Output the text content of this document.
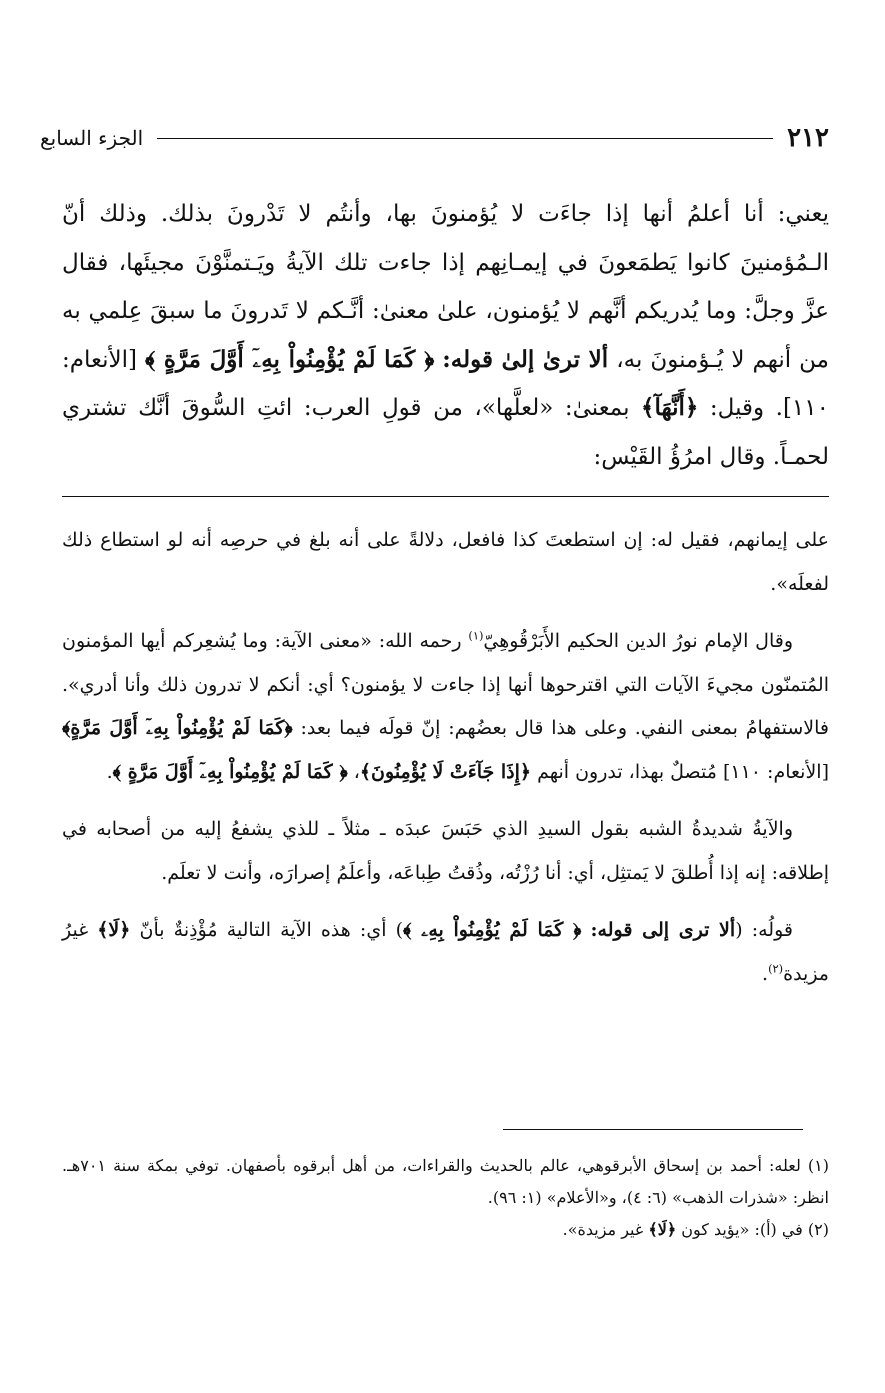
الجزء السابع	٢١٢

يعني: أنا أعلمُ أنها إذا جاءَت لا يُؤمنونَ بها، وأنتُم لا تَدْرونَ بذلك. وذلك أنّ الـمُؤمنينَ كانوا يَطمَعونَ في إيمـانِهم إذا جاءت تلك الآيةُ ويَـتمنَّوْنَ مجيئَها، فقال عزَّ وجلَّ: وما يُدريكم أنَّهم لا يُؤمنون، علىٰ معنىٰ: أنَّـكم لا تَدرونَ ما سبقَ عِلمي به من أنهم لا يُـؤمنونَ به، ألا ترىٰ إلىٰ قوله: ﴿ كَمَا لَمْ يُؤْمِنُواْ بِهِۦٓ أَوَّلَ مَرَّةٍ ﴾ [الأنعام: ١١٠]. وقيل: ﴿أَنَّهَآ﴾ بمعنىٰ: «لعلَّها»، من قولِ العرب: ائتِ السُّوقَ أنَّك تشتري لحمـاً. وقال امرُؤُ القَيْس:

على إيمانهم، فقيل له: إن استطعتَ كذا فافعل، دلالةً على أنه بلغ في حرصِه أنه لو استطاع ذلك لفعلَه».

وقال الإمام نورُ الدين الحكيم الأَبَرْقُوهِيّ$^{(١)}$ رحمه الله: «معنى الآية: وما يُشعِركم أيها المؤمنون المُتمنّون مجيءَ الآيات التي اقترحوها أنها إذا جاءت لا يؤمنون؟ أي: أنكم لا تدرون ذلك وأنا أدري». فالاستفهامُ بمعنى النفي. وعلى هذا قال بعضُهم: إنّ قولَه فيما بعد: ﴿كَمَا لَمْ يُؤْمِنُواْ بِهِۦٓ أَوَّلَ مَرَّةٍ﴾ [الأنعام: ١١٠] مُتصلٌ بهذا، تدرون أنهم ﴿إِذَا جَآءَتْ لَا يُؤْمِنُونَ﴾، ﴿ كَمَا لَمْ يُؤْمِنُواْ بِهِۦٓ أَوَّلَ مَرَّةٍ ﴾.

والآيةُ شديدةُ الشبه بقول السيدِ الذي حَبَسَ عبدَه ـ مثلاً ـ للذي يشفعُ إليه من أصحابه في إطلاقه: إنه إذا أُطلقَ لا يَمتثِل، أي: أنا رُزْتُه، وذُقتُ طِباعَه، وأعلَمُ إصرارَه، وأنت لا تعلَم.

قولُه: (ألا ترى إلى قوله: ﴿ كَمَا لَمْ يُؤْمِنُواْ بِهِۦ ﴾) أي: هذه الآية التالية مُؤْذِنةٌ بأنّ ﴿لَا﴾ غيرُ مزيدة$^{(٢)}$.

(١) لعله: أحمد بن إسحاق الأبرقوهي، عالم بالحديث والقراءات، من أهل أبرقوه بأصفهان. توفي بمكة سنة ٧٠١هـ. انظر: «شذرات الذهب» (٦: ٤)، و«الأعلام» (١: ٩٦).

(٢) في (أ): «يؤيد كون ﴿لَا﴾ غير مزيدة».
